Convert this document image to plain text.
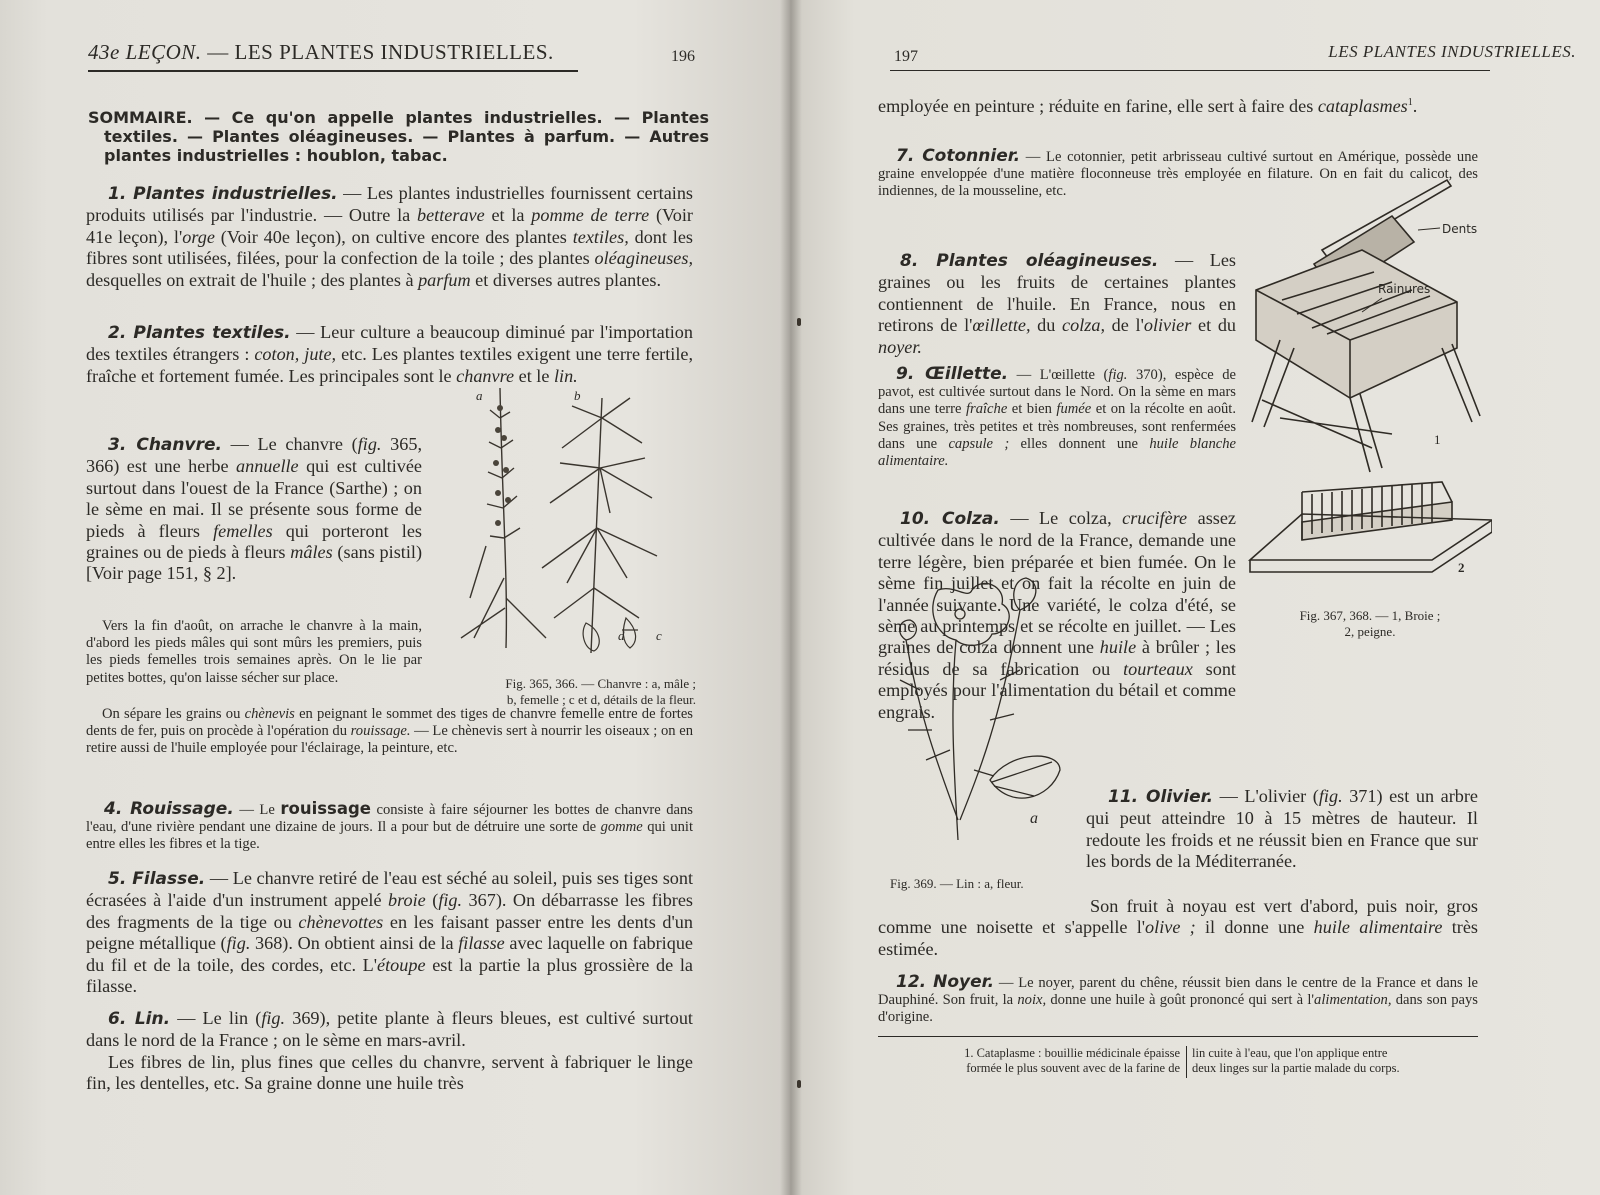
43e LEÇON. — LES PLANTES INDUSTRIELLES.	196
SOMMAIRE. — Ce qu'on appelle plantes industrielles. — Plantes textiles. — Plantes oléagineuses. — Plantes à parfum. — Autres plantes industrielles : houblon, tabac.
1. Plantes industrielles. — Les plantes industrielles fournissent certains produits utilisés par l'industrie. — Outre la betterave et la pomme de terre (Voir 41e leçon), l'orge (Voir 40e leçon), on cultive encore des plantes textiles, dont les fibres sont utilisées, filées, pour la confection de la toile ; des plantes oléagineuses, desquelles on extrait de l'huile ; des plantes à parfum et diverses autres plantes.
2. Plantes textiles. — Leur culture a beaucoup diminué par l'importation des textiles étrangers : coton, jute, etc. Les plantes textiles exigent une terre fertile, fraîche et fortement fumée. Les principales sont le chanvre et le lin.
3. Chanvre. — Le chanvre (fig. 365, 366) est une herbe annuelle qui est cultivée surtout dans l'ouest de la France (Sarthe) ; on le sème en mai. Il se présente sous forme de pieds à fleurs femelles qui porteront les graines ou de pieds à fleurs mâles (sans pistil) [Voir page 151, § 2].
Vers la fin d'août, on arrache le chanvre à la main, d'abord les pieds mâles qui sont mûrs les premiers, puis les pieds femelles trois semaines après. On le lie par petites bottes, qu'on laisse sécher sur place.
a	b
d c
Fig. 365, 366. — Chanvre : a, mâle ;
b, femelle ; c et d, détails de la fleur.
On sépare les grains ou chènevis en peignant le sommet des tiges de chanvre femelle entre de fortes dents de fer, puis on procède à l'opération du rouissage. — Le chènevis sert à nourrir les oiseaux ; on en retire aussi de l'huile employée pour l'éclairage, la peinture, etc.
4. Rouissage. — Le rouissage consiste à faire séjourner les bottes de chanvre dans l'eau, d'une rivière pendant une dizaine de jours. Il a pour but de détruire une sorte de gomme qui unit entre elles les fibres et la tige.
5. Filasse. — Le chanvre retiré de l'eau est séché au soleil, puis ses tiges sont écrasées à l'aide d'un instrument appelé broie (fig. 367). On débarrasse les fibres des fragments de la tige ou chènevottes en les faisant passer entre les dents d'un peigne métallique (fig. 368). On obtient ainsi de la filasse avec laquelle on fabrique du fil et de la toile, des cordes, etc. L'étoupe est la partie la plus grossière de la filasse.
6. Lin. — Le lin (fig. 369), petite plante à fleurs bleues, est cultivé surtout dans le nord de la France ; on le sème en mars-avril.
Les fibres de lin, plus fines que celles du chanvre, servent à fabriquer le linge fin, les dentelles, etc. Sa graine donne une huile très
197	LES PLANTES INDUSTRIELLES.
employée en peinture ; réduite en farine, elle sert à faire des cataplasmes$^1$.
7. Cotonnier. — Le cotonnier, petit arbrisseau cultivé surtout en Amérique, possède une graine enveloppée d'une matière floconneuse très employée en filature. On en fait du calicot, des indiennes, de la mousseline, etc.
8. Plantes oléagineuses. — Les graines ou les fruits de certaines plantes contiennent de l'huile. En France, nous en retirons de l'œillette, du colza, de l'olivier et du noyer.
9. Œillette. — L'œillette (fig. 370), espèce de pavot, est cultivée surtout dans le Nord. On la sème en mars dans une terre fraîche et bien fumée et on la récolte en août. Ses graines, très petites et très nombreuses, sont renfermées dans une capsule ; elles donnent une huile blanche alimentaire.
Dents
Rainures
1
2
Fig. 367, 368. — 1, Broie ;
2, peigne.
a
Fig. 369. — Lin : a, fleur.
10. Colza. — Le colza, crucifère assez cultivée dans le nord de la France, demande une terre légère, bien préparée et bien fumée. On le sème fin juillet et on fait la récolte en juin de l'année suivante. Une variété, le colza d'été, se sème au printemps et se récolte en juillet. — Les graines de colza donnent une huile à brûler ; les résidus de sa fabrication ou tourteaux sont employés pour l'alimentation du bétail et comme engrais.
11. Olivier. — L'olivier (fig. 371) est un arbre qui peut atteindre 10 à 15 mètres de hauteur. Il redoute les froids et ne réussit bien en France que sur les bords de la Méditerranée.
Son fruit à noyau est vert d'abord, puis noir, gros comme une noisette et s'appelle l'olive ; il donne une huile alimentaire très estimée.
12. Noyer. — Le noyer, parent du chêne, réussit bien dans le centre de la France et dans le Dauphiné. Son fruit, la noix, donne une huile à goût prononcé qui sert à l'alimentation, dans son pays d'origine.
1. Cataplasme : bouillie médicinale épaisse
formée le plus souvent avec de la farine de
lin cuite à l'eau, que l'on applique entre
deux linges sur la partie malade du corps.
